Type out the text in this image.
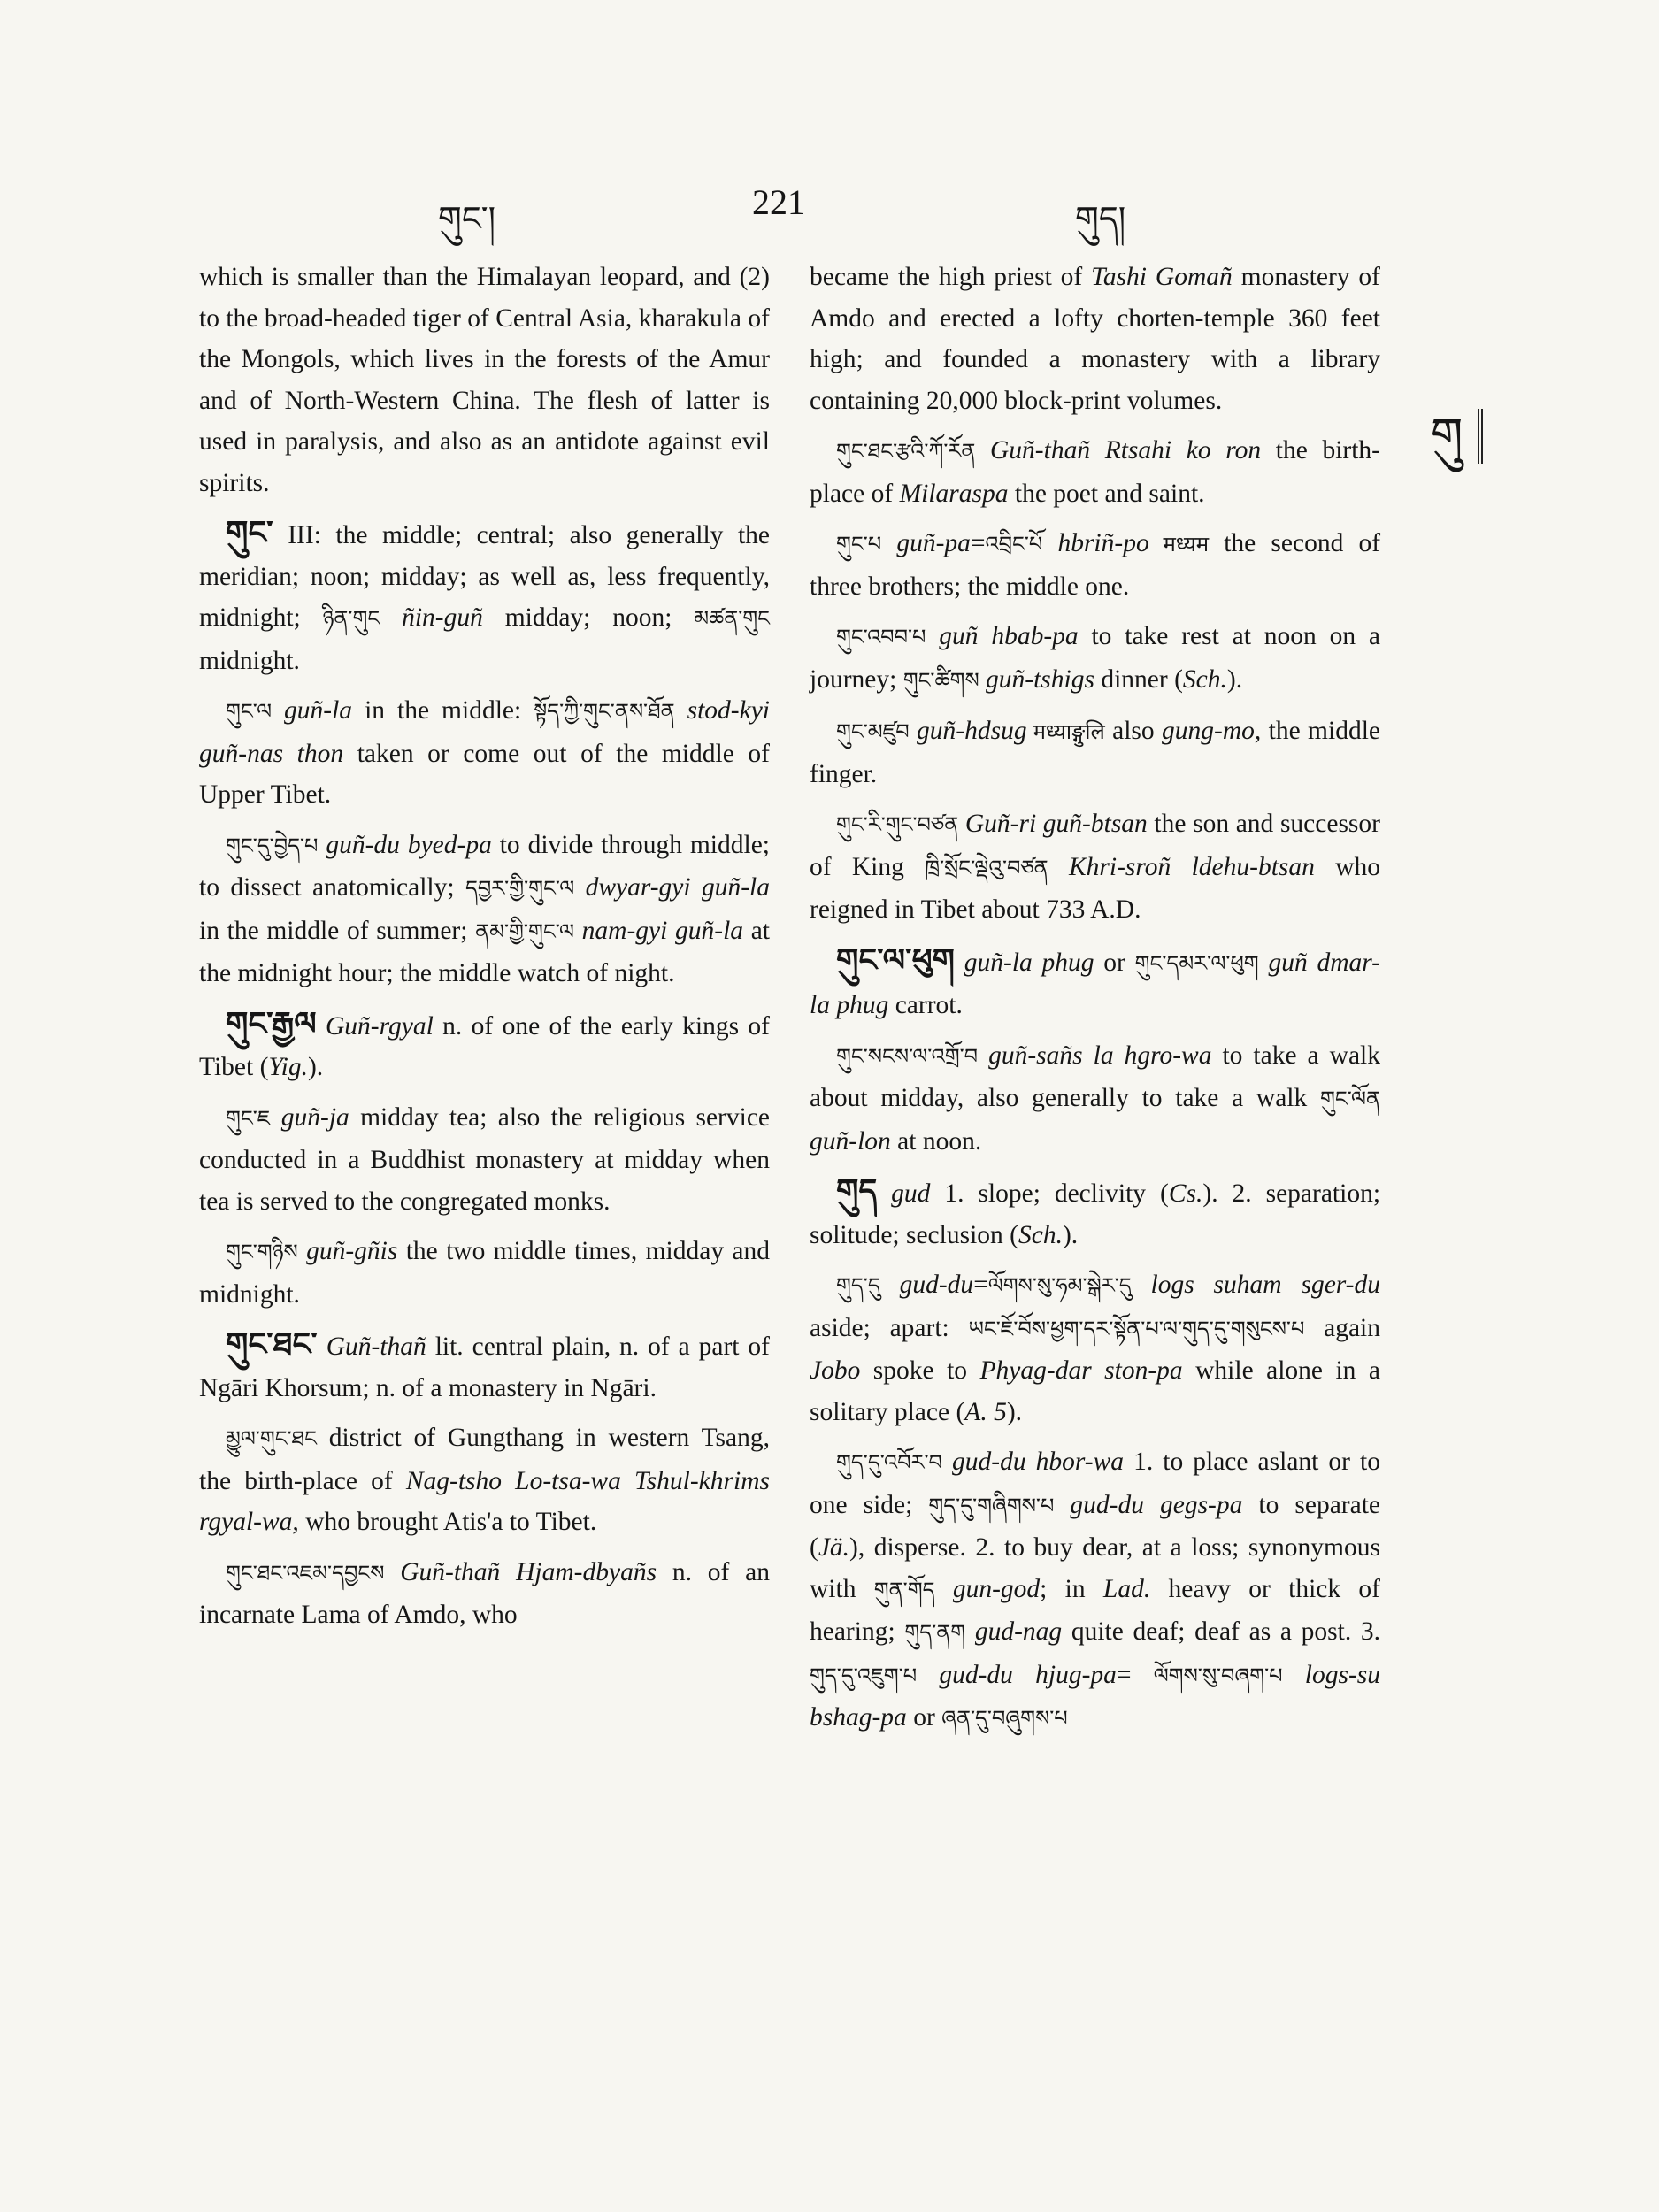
གུང་།	221	གུད།
གུ

which is smaller than the Himalayan leopard, and (2) to the broad-headed tiger of Central Asia, kharakula of the Mongols, which lives in the forests of the Amur and of North-Western China. The flesh of latter is used in paralysis, and also as an antidote against evil spirits.

གུང་ III: the middle; central; also generally the meridian; noon; midday; as well as, less frequently, midnight; ཉིན་གུང ñin-guñ midday; noon; མཚན་གུང midnight.

གུང་ལ guñ-la in the middle: སྟོད་ཀྱི་གུང་ནས་ཐོན stod-kyi guñ-nas thon taken or come out of the middle of Upper Tibet.

གུང་དུ་བྱེད་པ guñ-du byed-pa to divide through middle; to dissect anatomically; དབྱར་གྱི་གུང་ལ dwyar-gyi guñ-la in the middle of summer; ནམ་གྱི་གུང་ལ nam-gyi guñ-la at the midnight hour; the middle watch of night.

གུང་རྒྱལ Guñ-rgyal n. of one of the early kings of Tibet (Yig.).

གུང་ཇ guñ-ja midday tea; also the religious service conducted in a Buddhist monastery at midday when tea is served to the congregated monks.

གུང་གཉིས guñ-gñis the two middle times, midday and midnight.

གུང་ཐང་ Guñ-thañ lit. central plain, n. of a part of Ngāri Khorsum; n. of a monastery in Ngāri.

མྱུལ་གུང་ཐང district of Gungthang in western Tsang, the birth-place of Nag-tsho Lo-tsa-wa Tshul-khrims rgyal-wa, who brought Atis'a to Tibet.

གུང་ཐང་འཇམ་དབྱངས Guñ-thañ Hjam-dbyañs n. of an incarnate Lama of Amdo, who

became the high priest of Tashi Gomañ monastery of Amdo and erected a lofty chorten-temple 360 feet high; and founded a monastery with a library containing 20,000 block-print volumes.

གུང་ཐང་རྩའི་ཀོ་རོན Guñ-thañ Rtsahi ko ron the birth-place of Milaraspa the poet and saint.

གུང་པ guñ-pa=འབྲིང་པོ hbriñ-po मध्यम the second of three brothers; the middle one.

གུང་འབབ་པ guñ hbab-pa to take rest at noon on a journey; གུང་ཚིགས guñ-tshigs dinner (Sch.).

གུང་མཛུབ guñ-hdsug मध्याङ्गुलि also gung-mo, the middle finger.

གུང་རི་གུང་བཙན Guñ-ri guñ-btsan the son and successor of King ཁྲི་སྲོང་ལྡེའུ་བཙན Khri-sroñ ldehu-btsan who reigned in Tibet about 733 A.D.

གུང་ལ་ཕུག guñ-la phug or གུང་དམར་ལ་ཕུག guñ dmar-la phug carrot.

གུང་སངས་ལ་འགྲོ་བ guñ-sañs la hgro-wa to take a walk about midday, also generally to take a walk གུང་ལོན guñ-lon at noon.

གུད gud 1. slope; declivity (Cs.). 2. separation; solitude; seclusion (Sch.).

གུད་དུ gud-du=ལོགས་སུ་ཧམ་སྒེར་དུ logs suham sger-du aside; apart: ཡང་ཇོ་བོས་ཕྱག་དར་སྟོན་པ་ལ་གུད་དུ་གསུངས་པ again Jobo spoke to Phyag-dar ston-pa while alone in a solitary place (A. 5).

གུད་དུ་འབོར་བ gud-du hbor-wa 1. to place aslant or to one side; གུད་དུ་གཞིགས་པ gud-du gegs-pa to separate (Jä.), disperse. 2. to buy dear, at a loss; synonymous with གུན་གོད gun-god; in Lad. heavy or thick of hearing; གུད་ནག gud-nag quite deaf; deaf as a post. 3. གུད་དུ་འཇུག་པ gud-du hjug-pa= ལོགས་སུ་བཞག་པ logs-su bshag-pa or ཞན་དུ་བཞུགས་པ
